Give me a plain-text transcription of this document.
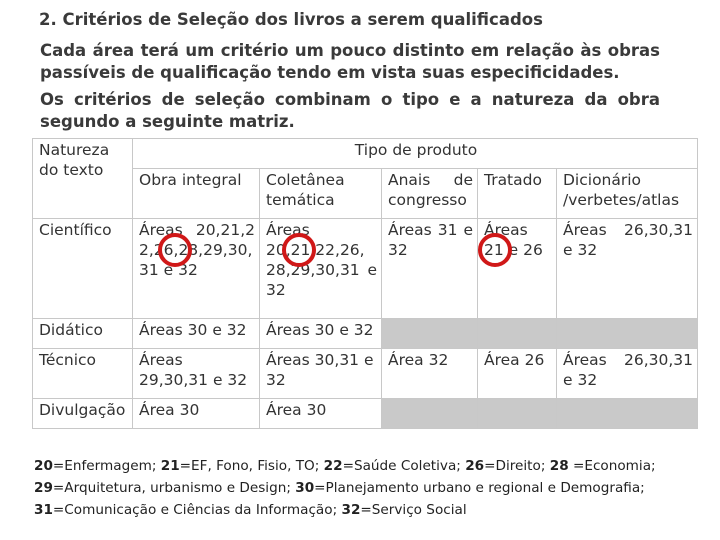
2. Critérios de Seleção dos livros a serem qualificados
Cada área terá um critério um pouco distinto em relação às obras passíveis de qualificação tendo em vista suas especificidades.
Os critérios de seleção combinam o tipo e a natureza da obra segundo a seguinte matriz.
Natureza do texto	Tipo de produto				
	Obra integral	Coletânea temática	Anais de congresso	Tratado	Dicionário /verbetes/atlas
Científico	Áreas 20,21,22,26,28,29,30,31 e 32	Áreas 20,21,22,26, 28,29,30,31 e 32	Áreas 31 e 32	Áreas 21 e 26	Áreas 26,30,31 e 32
Didático	Áreas 30 e 32	Áreas 30 e 32			
Técnico	Áreas 29,30,31 e 32	Áreas 30,31 e 32	Área 32	Área 26	Áreas 26,30,31 e 32
Divulgação	Área 30	Área 30			
20=Enfermagem; 21=EF, Fono, Fisio, TO; 22=Saúde Coletiva; 26=Direito; 28 =Economia; 29=Arquitetura, urbanismo e Design; 30=Planejamento urbano e regional e Demografia; 31=Comunicação e Ciências da Informação; 32=Serviço Social
